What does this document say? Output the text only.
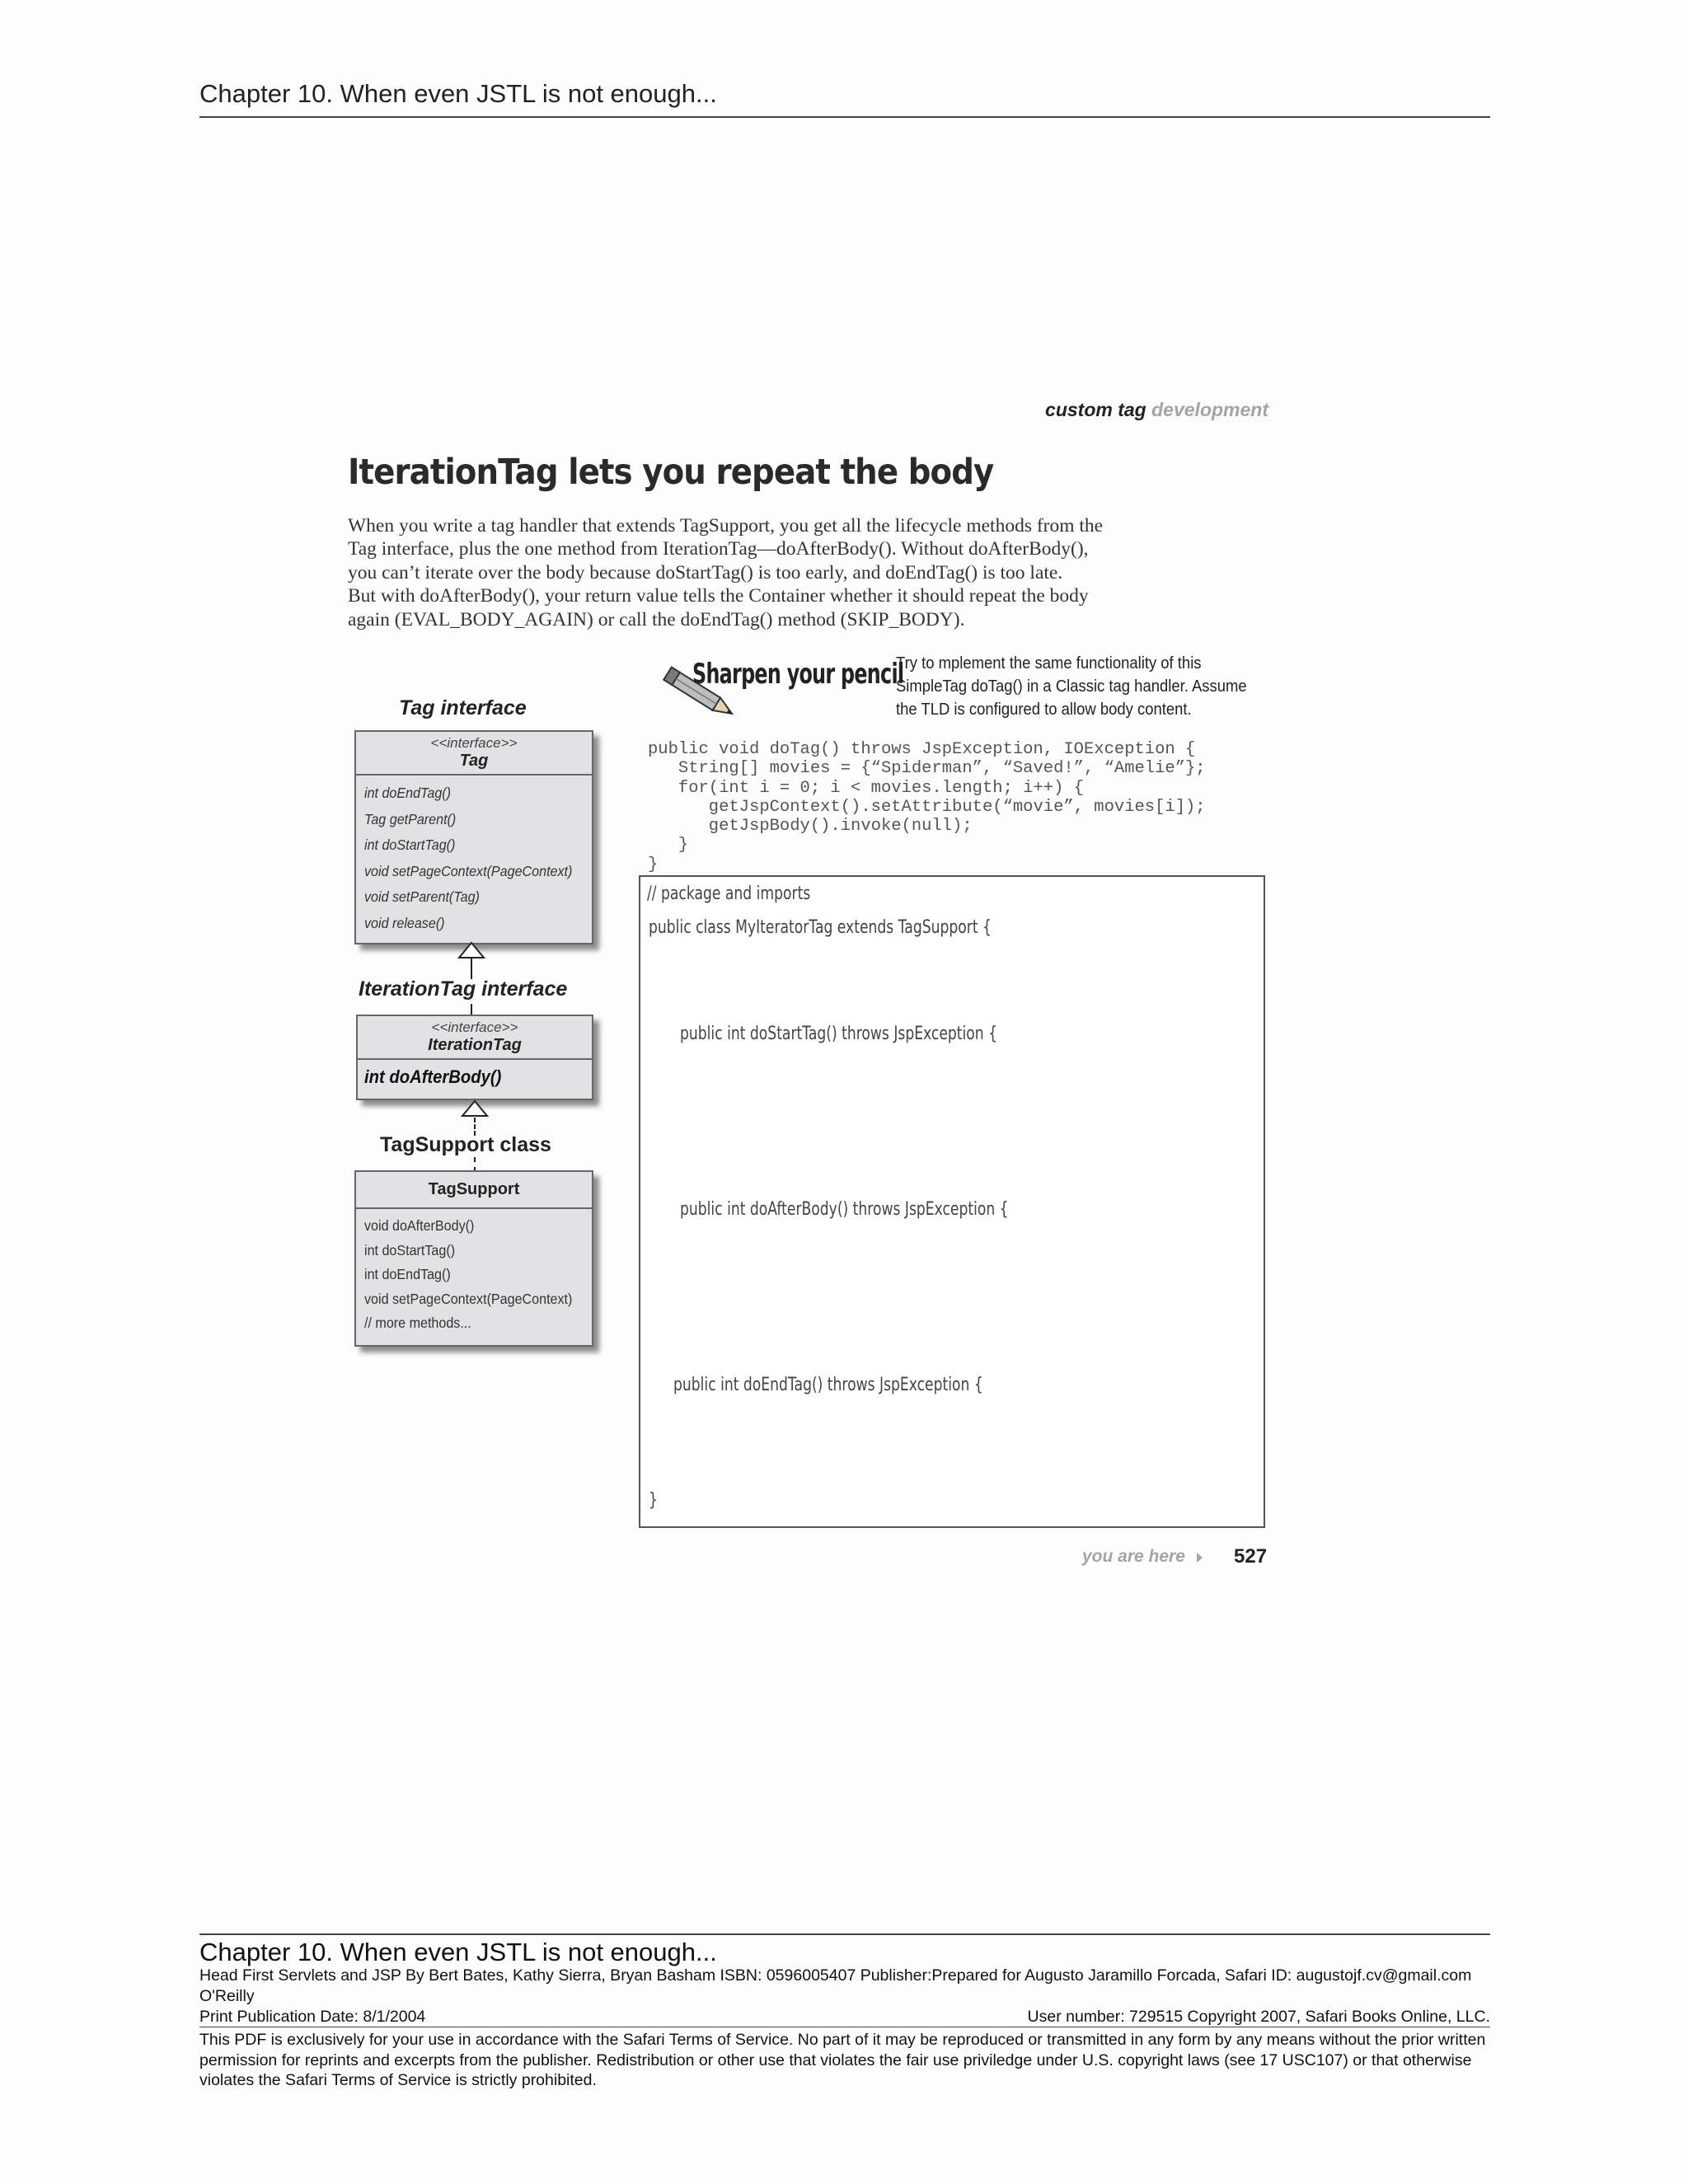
Chapter 10. When even JSTL is not enough...
custom tag development
IterationTag lets you repeat the body
When you write a tag handler that extends TagSupport, you get all the lifecycle methods from the
Tag interface, plus the one method from IterationTag—doAfterBody(). Without doAfterBody(),
you can’t iterate over the body because doStartTag() is too early, and doEndTag() is too late.
But with doAfterBody(), your return value tells the Container whether it should repeat the body
again (EVAL_BODY_AGAIN) or call the doEndTag() method (SKIP_BODY).
Tag interface
<<interface>>
Tag
int doEndTag()
Tag getParent()
int doStartTag()
void setPageContext(PageContext)
void setParent(Tag)
void release()
IterationTag interface
<<interface>>
IterationTag
int doAfterBody()
TagSupport class
TagSupport
void doAfterBody()
int doStartTag()
int doEndTag()
void setPageContext(PageContext)
// more methods...
Sharpen your pencil
Try to mplement the same functionality of this
SimpleTag doTag() in a Classic tag handler. Assume
the TLD is configured to allow body content.
public void doTag() throws JspException, IOException {
String[] movies = {“Spiderman”, “Saved!”, “Amelie”};
for(int i = 0; i < movies.length; i++) {
getJspContext().setAttribute(“movie”, movies[i]);
getJspBody().invoke(null);
}
}
// package and imports
public class MyIteratorTag extends TagSupport {
public int doStartTag() throws JspException {
public int doAfterBody() throws JspException {
public int doEndTag() throws JspException {
}
you are here 527
Chapter 10. When even JSTL is not enough...
Head First Servlets and JSP By Bert Bates, Kathy Sierra, Bryan Basham ISBN: 0596005407 Publisher:Prepared for Augusto Jaramillo Forcada, Safari ID: augustojf.cv@gmail.com
O'Reilly
Print Publication Date: 8/1/2004	User number: 729515 Copyright 2007, Safari Books Online, LLC.
This PDF is exclusively for your use in accordance with the Safari Terms of Service. No part of it may be reproduced or transmitted in any form by any means without the prior written permission for reprints and excerpts from the publisher. Redistribution or other use that violates the fair use priviledge under U.S. copyright laws (see 17 USC107) or that otherwise violates the Safari Terms of Service is strictly prohibited.
